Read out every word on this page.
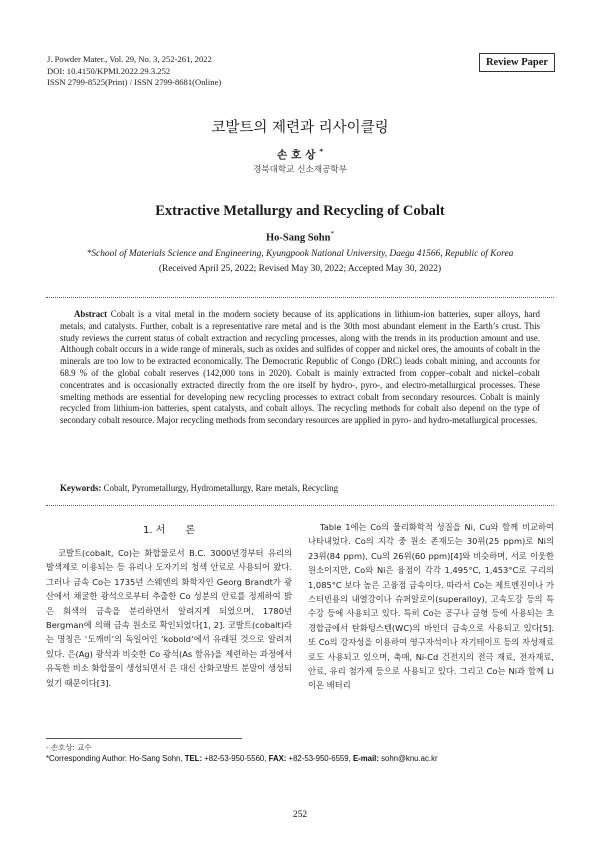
J. Powder Mater., Vol. 29, No. 3, 252-261, 2022
DOI: 10.4150/KPMI.2022.29.3.252
ISSN 2799-8525(Print) / ISSN 2799-8681(Online)
Review Paper
코발트의 제련과 리사이클링
손호상*
경북대학교 신소재공학부
Extractive Metallurgy and Recycling of Cobalt
Ho-Sang Sohn*
*School of Materials Science and Engineering, Kyungpook National University, Daegu 41566, Republic of Korea
(Received April 25, 2022; Revised May 30, 2022; Accepted May 30, 2022)
Abstract Cobalt is a vital metal in the modern society because of its applications in lithium-ion batteries, super alloys, hard metals, and catalysts. Further, cobalt is a representative rare metal and is the 30th most abundant element in the Earth’s crust. This study reviews the current status of cobalt extraction and recycling processes, along with the trends in its production amount and use. Although cobalt occurs in a wide range of minerals, such as oxides and sulfides of copper and nickel ores, the amounts of cobalt in the minerals are too low to be extracted economically. The Democratic Republic of Congo (DRC) leads cobalt mining, and accounts for 68.9 % of the global cobalt reserves (142,000 tons in 2020). Cobalt is mainly extracted from copper–cobalt and nickel–cobalt concentrates and is occasionally extracted directly from the ore itself by hydro-, pyro-, and electro-metallurgical processes. These smelting methods are essential for developing new recycling processes to extract cobalt from secondary resources. Cobalt is mainly recycled from lithium-ion batteries, spent catalysts, and cobalt alloys. The recycling methods for cobalt also depend on the type of secondary cobalt resource. Major recycling methods from secondary resources are applied in pyro- and hydro-metallurgical processes.
Keywords: Cobalt, Pyrometallurgy, Hydrometallurgy, Rare metals, Recycling
1. 서　　론
코발트(cobalt, Co)는 화합물로서 B.C. 3000년경부터 유리의 발색제로 이용되는 등 유리나 도자기의 청색 안료로 사용되어 왔다. 그러나 금속 Co는 1735년 스웨덴의 화학자인 Georg Brandt가 광산에서 채굴한 광석으로부터 추출한 Co 성분의 안료를 정제하여 밝은 회색의 금속을 분리하면서 알려지게 되었으며, 1780년 Bergman에 의해 금속 원소로 확인되었다[1, 2]. 코발트(cobalt)라는 명칭은 ‘도깨비’의 독일어인 ‘kobold’에서 유래된 것으로 알려져 있다. 은(Ag) 광석과 비슷한 Co 광석(As 함유)을 제련하는 과정에서 유독한 비소 화합물이 생성되면서 은 대신 산화코발트 분말이 생성되었기 때문이다[3].
Table 1에는 Co의 물리화학적 성질을 Ni, Cu와 함께 비교하여 나타내었다. Co의 지각 중 원소 존재도는 30위(25 ppm)로 Ni의 23위(84 ppm), Cu의 26위(60 ppm)[4]와 비슷하며, 서로 이웃한 원소이지만, Co와 Ni은 융점이 각각 1,495°C, 1,453°C로 구리의 1,085°C 보다 높은 고융점 금속이다. 따라서 Co는 제트엔진이나 가스터빈용의 내열강이나 슈퍼알로이(superalloy), 고속도강 등의 특수강 등에 사용되고 있다. 특히 Co는 공구나 금형 등에 사용되는 초경합금에서 탄화텅스텐(WC)의 바인더 금속으로 사용되고 있다[5]. 또 Co의 강자성을 이용하여 영구자석이나 자기테이프 등의 자성재료로도 사용되고 있으며, 축매, Ni-Cd 건전지의 전극 재료, 전자재료, 안료, 유리 첨가제 등으로 사용되고 있다. 그리고 Co는 Ni과 함께 Li 이온 배터리
- 손호상: 교수
*Corresponding Author: Ho-Sang Sohn, TEL: +82-53-950-5560, FAX: +82-53-950-6559, E-mail: sohn@knu.ac.kr
252
